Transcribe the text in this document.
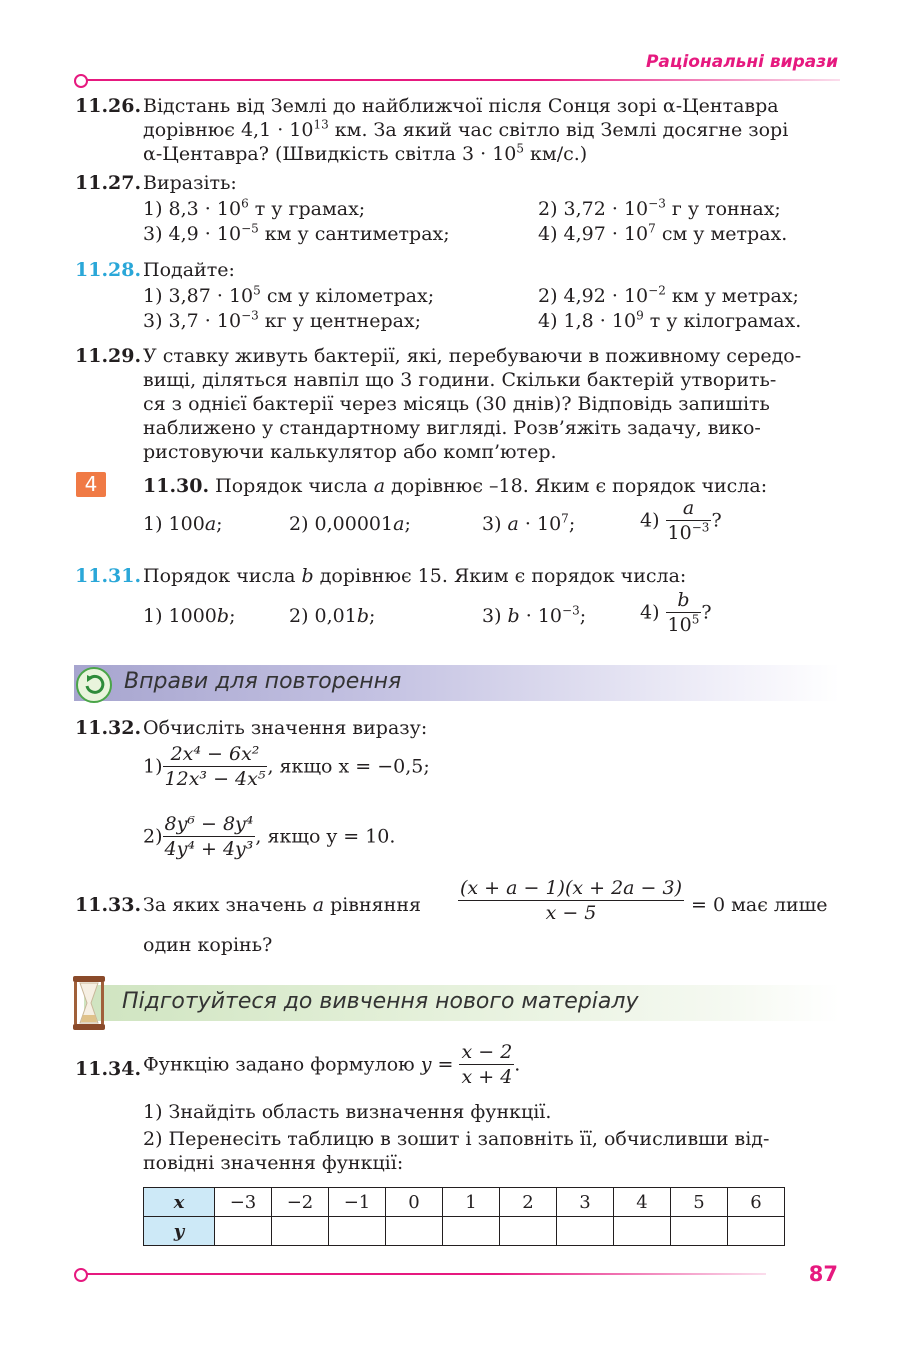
Раціональні вирази
11.26. Відстань від Землі до найближчої після Сонця зорі α-Центавра
дорівнює $4,1 \cdot 10^{13}$ км. За який час світло від Землі досягне зорі
α-Центавра? (Швидкість світла $3 \cdot 10^5$ км/с.)
11.27. Виразіть:
1) $8,3 \cdot 10^6$ т у грамах;	2) $3,72 \cdot 10^{-3}$ г у тоннах;
3) $4,9 \cdot 10^{-5}$ км у сантиметрах;	4) $4,97 \cdot 10^7$ см у метрах.
11.28. Подайте:
1) $3,87 \cdot 10^5$ см у кілометрах;	2) $4,92 \cdot 10^{-2}$ км у метрах;
3) $3,7 \cdot 10^{-3}$ кг у центнерах;	4) $1,8 \cdot 10^9$ т у кілограмах.
11.29. У ставку живуть бактерії, які, перебуваючи в поживному середо-
вищі, діляться навпіл що 3 години. Скільки бактерій утворить-
ся з однієї бактерії через місяць (30 днів)? Відповідь запишіть
наближено у стандартному вигляді. Розв’яжіть задачу, вико-
ристовуючи калькулятор або комп’ютер.
4	11.30. Порядок числа a дорівнює –18. Яким є порядок числа:
1) 100a;	2) 0,00001a;	3) $a \cdot 10^7$;	$4) \frac{a}{10^{-3}}$ ?
11.31. Порядок числа b дорівнює 15. Яким є порядок числа:
1) 1000b;	2) 0,01b;	3) $b \cdot 10^{-3}$;	$4) \frac{b}{10^5}$ ?
Вправи для повторення
11.32. Обчисліть значення виразу:
$1) \frac{\text{2x⁴ − 6x²}}{\text{12x³ − 4x⁵}}$ , якщо x = −0,5;
$2) \frac{\text{8y⁶ − 8y⁴}}{\text{4y⁴ + 4y³}}$ , якщо y = 10.
11.33. За яких значень a рівняння $\frac{(x + a - 1)(x + 2a - 3)}{x - 5} = 0$ має лише
один корінь?
Підготуйтеся до вивчення нового матеріалу
11.34. Функцію задано формулою $y = \frac{x - 2}{x + 4}$ .
1) Знайдіть область визначення функції.
2) Перенесіть таблицю в зошит і заповніть її, обчисливши від-
повідні значення функції:
x	−3	−2	−1	0	1	2	3	4	5	6
y										
87
